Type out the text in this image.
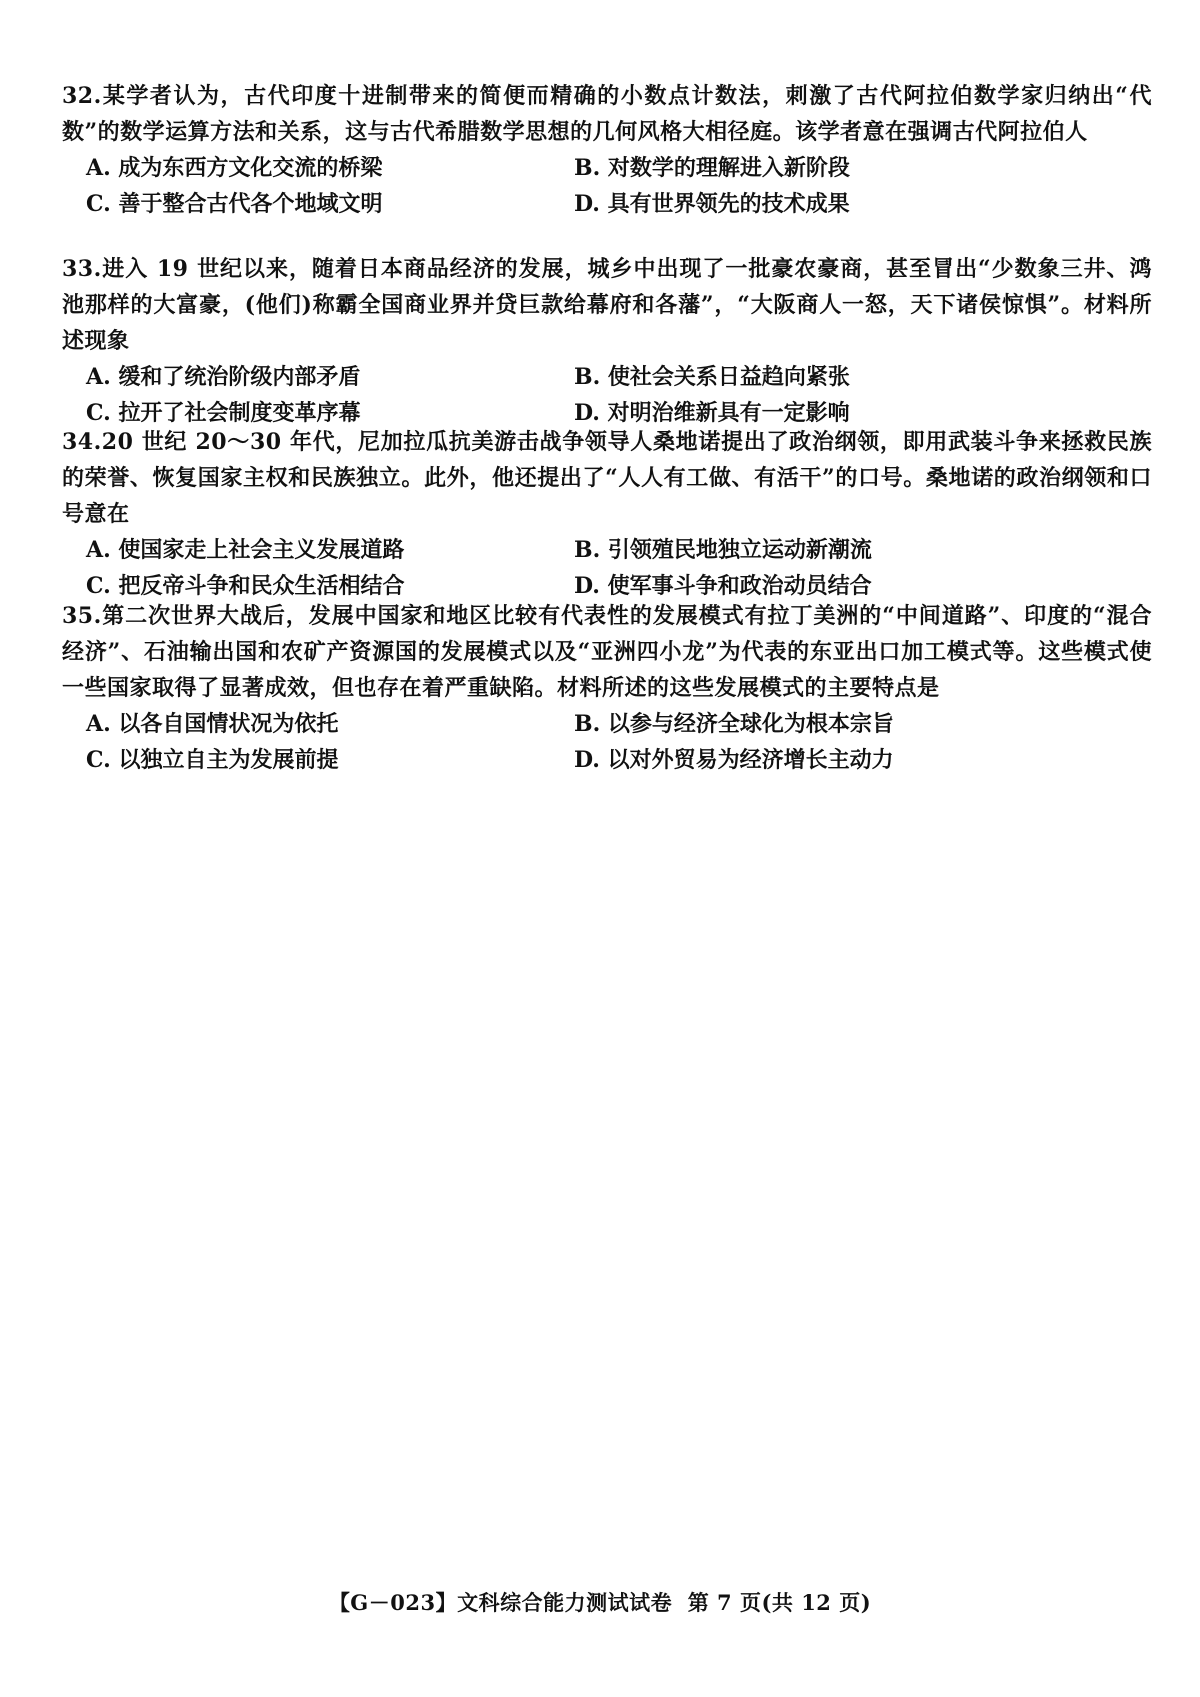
32.某学者认为，古代印度十进制带来的简便而精确的小数点计数法，刺激了古代阿拉伯数学家归纳出“代数”的数学运算方法和关系，这与古代希腊数学思想的几何风格大相径庭。该学者意在强调古代阿拉伯人
A. 成为东西方文化交流的桥梁	B. 对数学的理解进入新阶段
C. 善于整合古代各个地域文明	D. 具有世界领先的技术成果
33.进入 19 世纪以来，随着日本商品经济的发展，城乡中出现了一批豪农豪商，甚至冒出“少数象三井、鸿池那样的大富豪，(他们)称霸全国商业界并贷巨款给幕府和各藩”，“大阪商人一怒，天下诸侯惊惧”。材料所述现象
A. 缓和了统治阶级内部矛盾	B. 使社会关系日益趋向紧张
C. 拉开了社会制度变革序幕	D. 对明治维新具有一定影响
34.20 世纪 20～30 年代，尼加拉瓜抗美游击战争领导人桑地诺提出了政治纲领，即用武装斗争来拯救民族的荣誉、恢复国家主权和民族独立。此外，他还提出了“人人有工做、有活干”的口号。桑地诺的政治纲领和口号意在
A. 使国家走上社会主义发展道路	B. 引领殖民地独立运动新潮流
C. 把反帝斗争和民众生活相结合	D. 使军事斗争和政治动员结合
35.第二次世界大战后，发展中国家和地区比较有代表性的发展模式有拉丁美洲的“中间道路”、印度的“混合经济”、石油输出国和农矿产资源国的发展模式以及“亚洲四小龙”为代表的东亚出口加工模式等。这些模式使一些国家取得了显著成效，但也存在着严重缺陷。材料所述的这些发展模式的主要特点是
A. 以各自国情状况为依托	B. 以参与经济全球化为根本宗旨
C. 以独立自主为发展前提	D. 以对外贸易为经济增长主动力
【G－023】文科综合能力测试试卷 第 7 页(共 12 页)
